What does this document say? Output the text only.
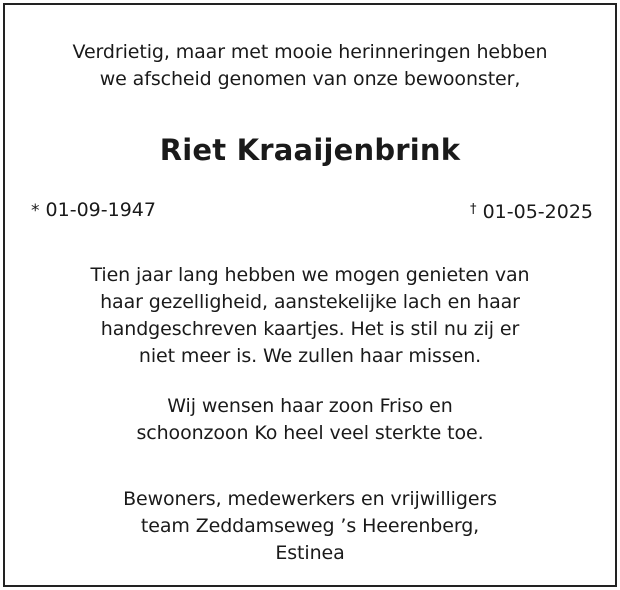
Verdrietig, maar met mooie herinneringen hebben
we afscheid genomen van onze bewoonster,
Riet Kraaijenbrink
* 01-09-1947	† 01-05-2025
Tien jaar lang hebben we mogen genieten van
haar gezelligheid, aanstekelijke lach en haar
handgeschreven kaartjes. Het is stil nu zij er
niet meer is. We zullen haar missen.
Wij wensen haar zoon Friso en
schoonzoon Ko heel veel sterkte toe.
Bewoners, medewerkers en vrijwilligers
team Zeddamseweg ’s Heerenberg,
Estinea
